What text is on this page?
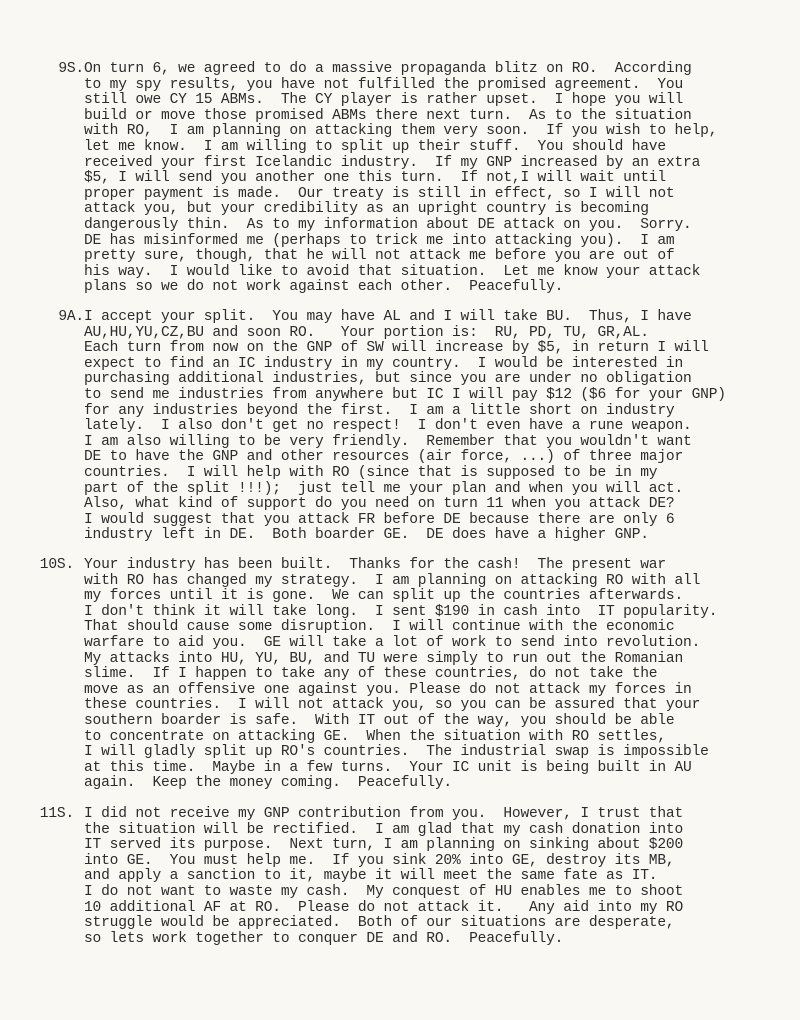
9S. On turn 6, we agreed to do a massive propaganda blitz on RO.  According
to my spy results, you have not fulfilled the promised agreement.  You
still owe CY 15 ABMs.  The CY player is rather upset.  I hope you will
build or move those promised ABMs there next turn.  As to the situation
with RO,  I am planning on attacking them very soon.  If you wish to help,
let me know.  I am willing to split up their stuff.  You should have
received your first Icelandic industry.  If my GNP increased by an extra
$5, I will send you another one this turn.  If not,I will wait until
proper payment is made.  Our treaty is still in effect, so I will not
attack you, but your credibility as an upright country is becoming
dangerously thin.  As to my information about DE attack on you.  Sorry.
DE has misinformed me (perhaps to trick me into attacking you).  I am
pretty sure, though, that he will not attack me before you are out of
his way.  I would like to avoid that situation.  Let me know your attack
plans so we do not work against each other.  Peacefully.
9A. I accept your split.  You may have AL and I will take BU.  Thus, I have
AU,HU,YU,CZ,BU and soon RO.   Your portion is:  RU, PD, TU, GR,AL.
Each turn from now on the GNP of SW will increase by $5, in return I will
expect to find an IC industry in my country.  I would be interested in
purchasing additional industries, but since you are under no obligation
to send me industries from anywhere but IC I will pay $12 ($6 for your GNP)
for any industries beyond the first.  I am a little short on industry
lately.  I also don't get no respect!  I don't even have a rune weapon.
I am also willing to be very friendly.  Remember that you wouldn't want
DE to have the GNP and other resources (air force, ...) of three major
countries.  I will help with RO (since that is supposed to be in my
part of the split !!!);  just tell me your plan and when you will act.
Also, what kind of support do you need on turn 11 when you attack DE?
I would suggest that you attack FR before DE because there are only 6
industry left in DE.  Both boarder GE.  DE does have a higher GNP.
10S. Your industry has been built.  Thanks for the cash!  The present war
with RO has changed my strategy.  I am planning on attacking RO with all
my forces until it is gone.  We can split up the countries afterwards.
I don't think it will take long.  I sent $190 in cash into  IT popularity.
That should cause some disruption.  I will continue with the economic
warfare to aid you.  GE will take a lot of work to send into revolution.
My attacks into HU, YU, BU, and TU were simply to run out the Romanian
slime.  If I happen to take any of these countries, do not take the
move as an offensive one against you. Please do not attack my forces in
these countries.  I will not attack you, so you can be assured that your
southern boarder is safe.  With IT out of the way, you should be able
to concentrate on attacking GE.  When the situation with RO settles,
I will gladly split up RO's countries.  The industrial swap is impossible
at this time.  Maybe in a few turns.  Your IC unit is being built in AU
again.  Keep the money coming.  Peacefully.
11S. I did not receive my GNP contribution from you.  However, I trust that
the situation will be rectified.  I am glad that my cash donation into
IT served its purpose.  Next turn, I am planning on sinking about $200
into GE.  You must help me.  If you sink 20% into GE, destroy its MB,
and apply a sanction to it, maybe it will meet the same fate as IT.
I do not want to waste my cash.  My conquest of HU enables me to shoot
10 additional AF at RO.  Please do not attack it.   Any aid into my RO
struggle would be appreciated.  Both of our situations are desperate,
so lets work together to conquer DE and RO.  Peacefully.
